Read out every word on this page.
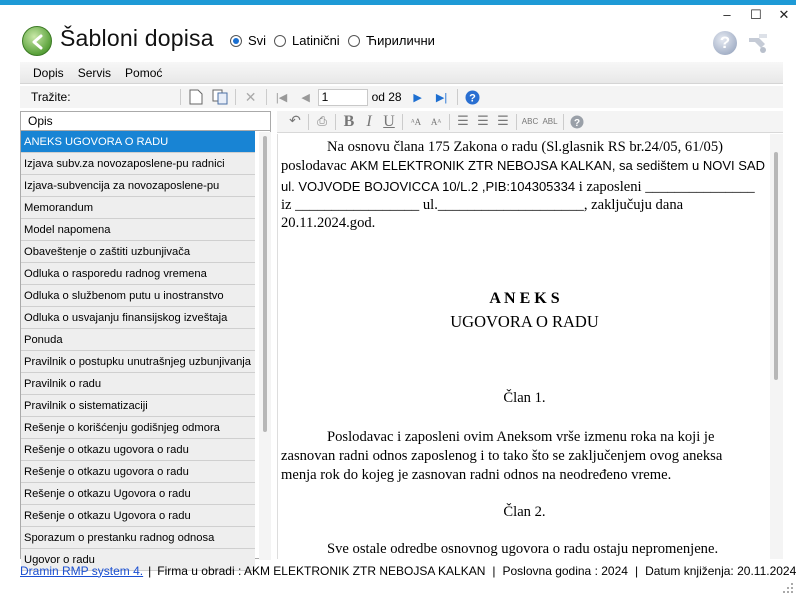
–	☐	✕
Šabloni dopisa	Svi Latinični Ћирилични	?
Dopis	Servis	Pomoć
Tražite:	✕ |◀	◀
1	od 28	▶	▶| ?
Opis
ANEKS UGOVORA O RADU
Izjava subv.za novozaposlene-pu radnici
Izjava-subvencija za novozaposlene-pu
Memorandum
Model napomena
Obaveštenje o zaštiti uzbunjivača
Odluka o rasporedu radnog vremena
Odluka o službenom putu u inostranstvo
Odluka o usvajanju finansijskog izveštaja
Ponuda
Pravilnik o postupku unutrašnjeg uzbunjivanja
Pravilnik o radu
Pravilnik o sistematizaciji
Rešenje o korišćenju godišnjeg odmora
Rešenje o otkazu ugovora o radu
Rešenje o otkazu ugovora o radu
Rešenje o otkazu Ugovora o radu
Rešenje o otkazu Ugovora o radu
Sporazum o prestanku radnog odnosa
Ugovor o radu
↶	⎙ B I U	ᴬA	Aᴬ ☰ ☰ ☰	ABC ABL ?
Na osnovu člana 175 Zakona o radu (Sl.glasnik RS br.24/05, 61/05)
poslodavac AKM ELEKTRONIK ZTR NEBOJSA KALKAN, sa sedištem u NOVI SAD
ul. VOJVODE BOJOVICCA 10/L.2 ,PIB:104305334 i zaposleni _______________
iz _________________ ul.____________________, zaključuju dana
20.11.2024.god.
A N E K S
UGOVORA O RADU
Član 1.
Poslodavac i zaposleni ovim Aneksom vrše izmenu roka na koji je
zasnovan radni odnos zaposlenog i to tako što se zaključenjem ovog aneksa
menja rok do kojeg je zasnovan radni odnos na neodređeno vreme.
Član 2.
Sve ostale odredbe osnovnog ugovora o radu ostaju nepromenjene.
Dramin RMP system 4. | Firma u obradi : AKM ELEKTRONIK ZTR NEBOJSA KALKAN | Poslovna godina : 2024 | Datum knjiženja: 20.11.2024
